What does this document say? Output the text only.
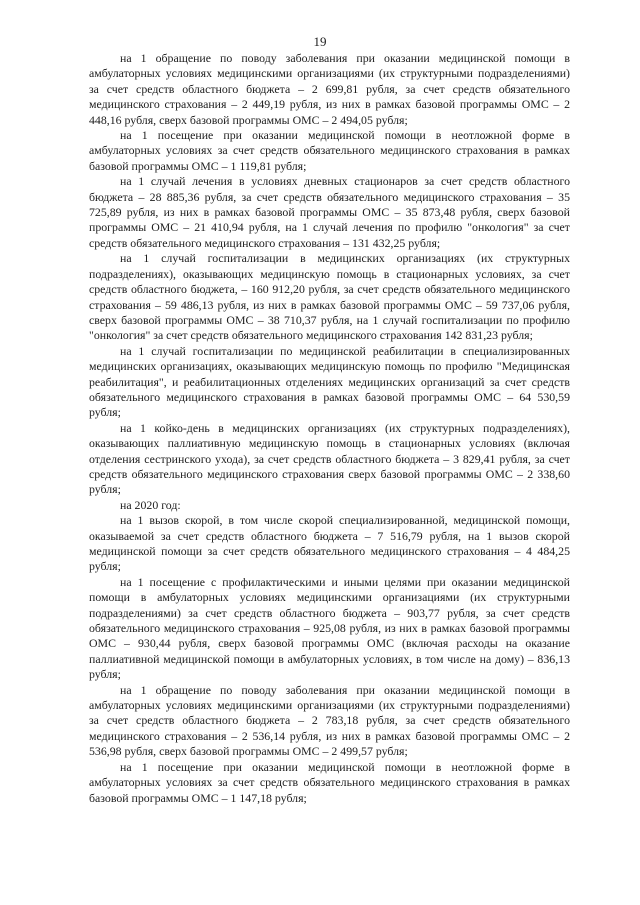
19

на 1 обращение по поводу заболевания при оказании медицинской помощи в амбулаторных условиях медицинскими организациями (их структурными подразделениями) за счет средств областного бюджета – 2 699,81 рубля, за счет средств обязательного медицинского страхования – 2 449,19 рубля, из них в рамках базовой программы ОМС – 2 448,16 рубля, сверх базовой программы ОМС – 2 494,05 рубля;

на 1 посещение при оказании медицинской помощи в неотложной форме в амбулаторных условиях за счет средств обязательного медицинского страхования в рамках базовой программы ОМС – 1 119,81 рубля;

на 1 случай лечения в условиях дневных стационаров за счет средств областного бюджета – 28 885,36 рубля, за счет средств обязательного медицинского страхования – 35 725,89 рубля, из них в рамках базовой программы ОМС – 35 873,48 рубля, сверх базовой программы ОМС – 21 410,94 рубля, на 1 случай лечения по профилю "онкология" за счет средств обязательного медицинского страхования – 131 432,25 рубля;

на 1 случай госпитализации в медицинских организациях (их структурных подразделениях), оказывающих медицинскую помощь в стационарных условиях, за счет средств областного бюджета, – 160 912,20 рубля, за счет средств обязательного медицинского страхования – 59 486,13 рубля, из них в рамках базовой программы ОМС – 59 737,06 рубля, сверх базовой программы ОМС – 38 710,37 рубля, на 1 случай госпитализации по профилю "онкология" за счет средств обязательного медицинского страхования 142 831,23 рубля;

на 1 случай госпитализации по медицинской реабилитации в специализированных медицинских организациях, оказывающих медицинскую помощь по профилю "Медицинская реабилитация", и реабилитационных отделениях медицинских организаций за счет средств обязательного медицинского страхования в рамках базовой программы ОМС – 64 530,59 рубля;

на 1 койко-день в медицинских организациях (их структурных подразделениях), оказывающих паллиативную медицинскую помощь в стационарных условиях (включая отделения сестринского ухода), за счет средств областного бюджета – 3 829,41 рубля, за счет средств обязательного медицинского страхования сверх базовой программы ОМС – 2 338,60 рубля;

на 2020 год:

на 1 вызов скорой, в том числе скорой специализированной, медицинской помощи, оказываемой за счет средств областного бюджета – 7 516,79 рубля, на 1 вызов скорой медицинской помощи за счет средств обязательного медицинского страхования – 4 484,25 рубля;

на 1 посещение с профилактическими и иными целями при оказании медицинской помощи в амбулаторных условиях медицинскими организациями (их структурными подразделениями) за счет средств областного бюджета – 903,77 рубля, за счет средств обязательного медицинского страхования – 925,08 рубля, из них в рамках базовой программы ОМС – 930,44 рубля, сверх базовой программы ОМС (включая расходы на оказание паллиативной медицинской помощи в амбулаторных условиях, в том числе на дому) – 836,13 рубля;

на 1 обращение по поводу заболевания при оказании медицинской помощи в амбулаторных условиях медицинскими организациями (их структурными подразделениями) за счет средств областного бюджета – 2 783,18 рубля, за счет средств обязательного медицинского страхования – 2 536,14 рубля, из них в рамках базовой программы ОМС – 2 536,98 рубля, сверх базовой программы ОМС – 2 499,57 рубля;

на 1 посещение при оказании медицинской помощи в неотложной форме в амбулаторных условиях за счет средств обязательного медицинского страхования в рамках базовой программы ОМС – 1 147,18 рубля;
